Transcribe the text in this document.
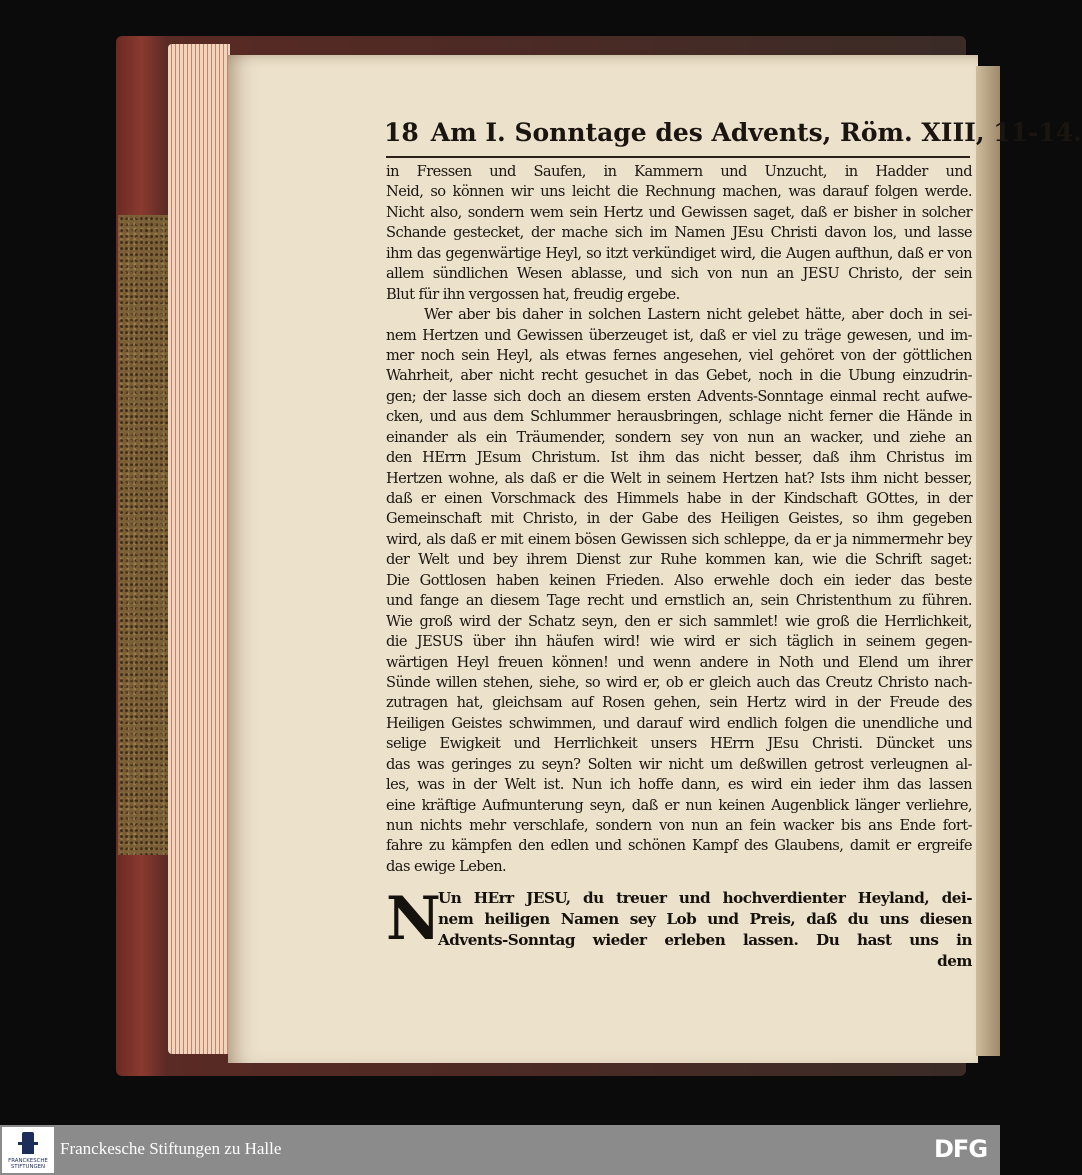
18 Am I. Sonntage des Advents, Röm. XIII, 11-14.
in Fressen und Saufen, in Kammern und Unzucht, in Hadder und
Neid, so können wir uns leicht die Rechnung machen, was darauf folgen werde.
Nicht also, sondern wem sein Hertz und Gewissen saget, daß er bisher in solcher
Schande gestecket, der mache sich im Namen JEsu Christi davon los, und lasse
ihm das gegenwärtige Heyl, so itzt verkündiget wird, die Augen aufthun, daß er von
allem sündlichen Wesen ablasse, und sich von nun an JESU Christo, der sein
Blut für ihn vergossen hat, freudig ergebe.
Wer aber bis daher in solchen Lastern nicht gelebet hätte, aber doch in sei-
nem Hertzen und Gewissen überzeuget ist, daß er viel zu träge gewesen, und im-
mer noch sein Heyl, als etwas fernes angesehen, viel gehöret von der göttlichen
Wahrheit, aber nicht recht gesuchet in das Gebet, noch in die Ubung einzudrin-
gen; der lasse sich doch an diesem ersten Advents-Sonntage einmal recht aufwe-
cken, und aus dem Schlummer herausbringen, schlage nicht ferner die Hände in
einander als ein Träumender, sondern sey von nun an wacker, und ziehe an
den HErrn JEsum Christum. Ist ihm das nicht besser, daß ihm Christus im
Hertzen wohne, als daß er die Welt in seinem Hertzen hat? Ists ihm nicht besser,
daß er einen Vorschmack des Himmels habe in der Kindschaft GOttes, in der
Gemeinschaft mit Christo, in der Gabe des Heiligen Geistes, so ihm gegeben
wird, als daß er mit einem bösen Gewissen sich schleppe, da er ja nimmermehr bey
der Welt und bey ihrem Dienst zur Ruhe kommen kan, wie die Schrift saget:
Die Gottlosen haben keinen Frieden. Also erwehle doch ein ieder das beste
und fange an diesem Tage recht und ernstlich an, sein Christenthum zu führen.
Wie groß wird der Schatz seyn, den er sich sammlet! wie groß die Herrlichkeit,
die JESUS über ihn häufen wird! wie wird er sich täglich in seinem gegen-
wärtigen Heyl freuen können! und wenn andere in Noth und Elend um ihrer
Sünde willen stehen, siehe, so wird er, ob er gleich auch das Creutz Christo nach-
zutragen hat, gleichsam auf Rosen gehen, sein Hertz wird in der Freude des
Heiligen Geistes schwimmen, und darauf wird endlich folgen die unendliche und
selige Ewigkeit und Herrlichkeit unsers HErrn JEsu Christi. Düncket uns
das was geringes zu seyn? Solten wir nicht um deßwillen getrost verleugnen al-
les, was in der Welt ist. Nun ich hoffe dann, es wird ein ieder ihm das lassen
eine kräftige Aufmunterung seyn, daß er nun keinen Augenblick länger verliehre,
nun nichts mehr verschlafe, sondern von nun an fein wacker bis ans Ende fort-
fahre zu kämpfen den edlen und schönen Kampf des Glaubens, damit er ergreife
das ewige Leben.
N
Un HErr JESU, du treuer und hochverdienter Heyland, dei-
nem heiligen Namen sey Lob und Preis, daß du uns diesen
Advents-Sonntag wieder erleben lassen. Du hast uns in
dem
FRANCKESCHE STIFTUNGEN
Franckesche Stiftungen zu Halle	DFG
